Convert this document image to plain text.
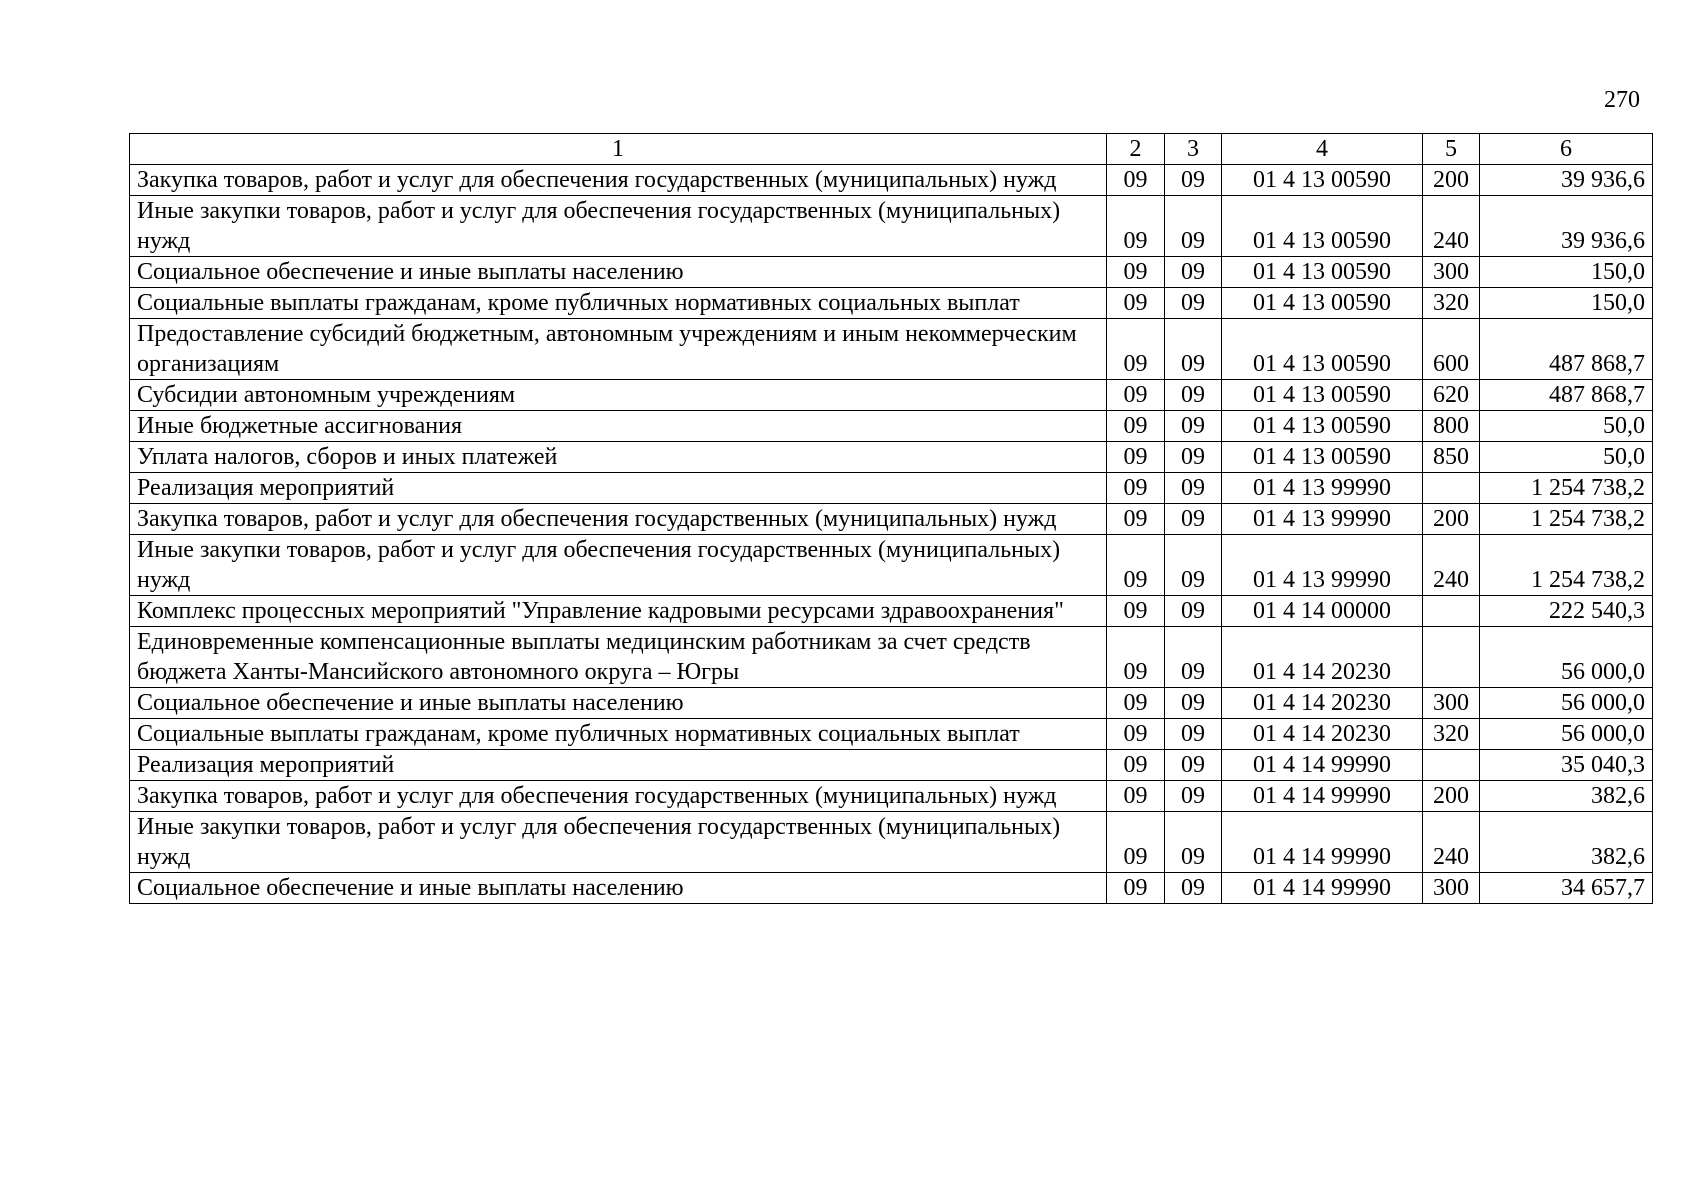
270
1	2	3	4	5	6
Закупка товаров, работ и услуг для обеспечения государственных (муниципальных) нужд	09	09	01 4 13 00590	200	39 936,6
Иные закупки товаров, работ и услуг для обеспечения государственных (муниципальных) нужд	09	09	01 4 13 00590	240	39 936,6
Социальное обеспечение и иные выплаты населению	09	09	01 4 13 00590	300	150,0
Социальные выплаты гражданам, кроме публичных нормативных социальных выплат	09	09	01 4 13 00590	320	150,0
Предоставление субсидий бюджетным, автономным учреждениям и иным некоммерческим организациям	09	09	01 4 13 00590	600	487 868,7
Субсидии автономным учреждениям	09	09	01 4 13 00590	620	487 868,7
Иные бюджетные ассигнования	09	09	01 4 13 00590	800	50,0
Уплата налогов, сборов и иных платежей	09	09	01 4 13 00590	850	50,0
Реализация мероприятий	09	09	01 4 13 99990		1 254 738,2
Закупка товаров, работ и услуг для обеспечения государственных (муниципальных) нужд	09	09	01 4 13 99990	200	1 254 738,2
Иные закупки товаров, работ и услуг для обеспечения государственных (муниципальных) нужд	09	09	01 4 13 99990	240	1 254 738,2
Комплекс процессных мероприятий "Управление кадровыми ресурсами здравоохранения"	09	09	01 4 14 00000		222 540,3
Единовременные компенсационные выплаты медицинским работникам за счет средств бюджета Ханты-Мансийского автономного округа – Югры	09	09	01 4 14 20230		56 000,0
Социальное обеспечение и иные выплаты населению	09	09	01 4 14 20230	300	56 000,0
Социальные выплаты гражданам, кроме публичных нормативных социальных выплат	09	09	01 4 14 20230	320	56 000,0
Реализация мероприятий	09	09	01 4 14 99990		35 040,3
Закупка товаров, работ и услуг для обеспечения государственных (муниципальных) нужд	09	09	01 4 14 99990	200	382,6
Иные закупки товаров, работ и услуг для обеспечения государственных (муниципальных) нужд	09	09	01 4 14 99990	240	382,6
Социальное обеспечение и иные выплаты населению	09	09	01 4 14 99990	300	34 657,7
